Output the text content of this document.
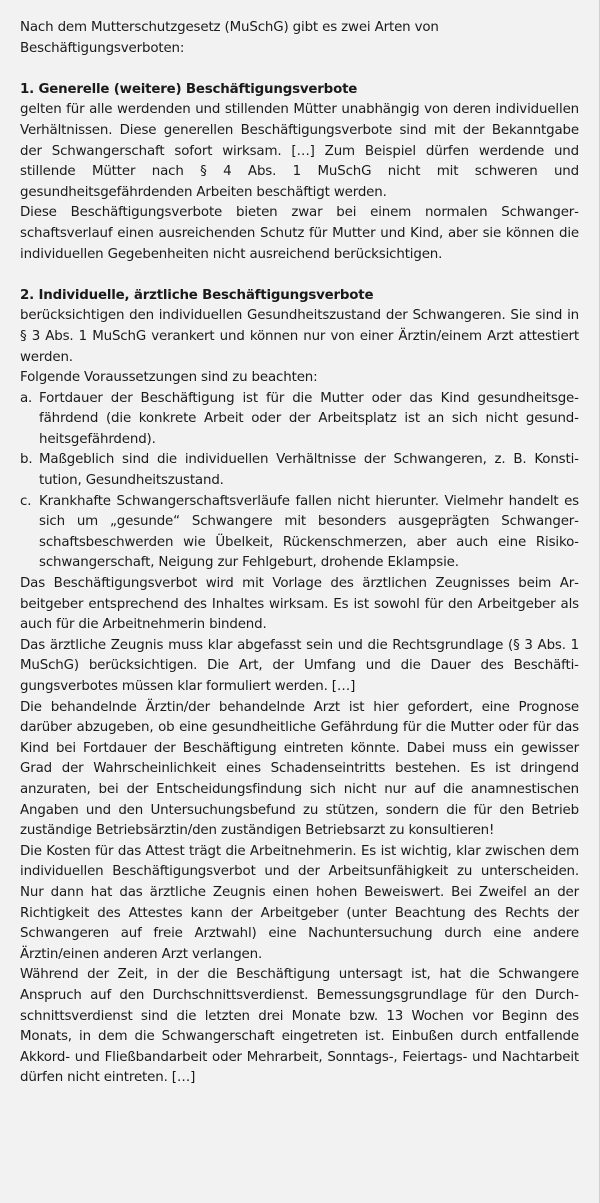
Nach dem Mutterschutzgesetz (MuSchG) gibt es zwei Arten von Beschäftigungsverboten:

1. Generelle (weitere) Beschäftigungsverbote

gelten für alle werdenden und stillenden Mütter unabhängig von deren individuellen Verhältnissen. Diese generellen Beschäftigungsverbote sind mit der Bekanntgabe der Schwangerschaft sofort wirksam. […] Zum Beispiel dürfen werdende und stillende Mütter nach § 4 Abs. 1 MuSchG nicht mit schweren und gesundheitsgefährdenden Arbeiten beschäftigt werden.

Diese Beschäftigungsverbote bieten zwar bei einem normalen Schwangerschaftsverlauf einen ausreichenden Schutz für Mutter und Kind, aber sie können die individuellen Gegebenheiten nicht ausreichend berücksichtigen.

2. Individuelle, ärztliche Beschäftigungsverbote

berücksichtigen den individuellen Gesundheitszustand der Schwangeren. Sie sind in § 3 Abs. 1 MuSchG verankert und können nur von einer Ärztin/einem Arzt attestiert werden.

Folgende Voraussetzungen sind zu beachten:

a. Fortdauer der Beschäftigung ist für die Mutter oder das Kind gesundheitsgefährdend (die konkrete Arbeit oder der Arbeitsplatz ist an sich nicht gesundheitsgefährdend).
b. Maßgeblich sind die individuellen Verhältnisse der Schwangeren, z. B. Konstitution, Gesundheitszustand.
c. Krankhafte Schwangerschaftsverläufe fallen nicht hierunter. Vielmehr handelt es sich um „gesunde“ Schwangere mit besonders ausgeprägten Schwangerschaftsbeschwerden wie Übelkeit, Rückenschmerzen, aber auch eine Risikoschwangerschaft, Neigung zur Fehlgeburt, drohende Eklampsie.

Das Beschäftigungsverbot wird mit Vorlage des ärztlichen Zeugnisses beim Arbeitgeber entsprechend des Inhaltes wirksam. Es ist sowohl für den Arbeitgeber als auch für die Arbeitnehmerin bindend.

Das ärztliche Zeugnis muss klar abgefasst sein und die Rechtsgrundlage (§ 3 Abs. 1 MuSchG) berücksichtigen. Die Art, der Umfang und die Dauer des Beschäftigungsverbotes müssen klar formuliert werden. […]

Die behandelnde Ärztin/der behandelnde Arzt ist hier gefordert, eine Prognose darüber abzugeben, ob eine gesundheitliche Gefährdung für die Mutter oder für das Kind bei Fortdauer der Beschäftigung eintreten könnte. Dabei muss ein gewisser Grad der Wahrscheinlichkeit eines Schadenseintritts bestehen. Es ist dringend anzuraten, bei der Entscheidungsfindung sich nicht nur auf die anamnestischen Angaben und den Untersuchungsbefund zu stützen, sondern die für den Betrieb zuständige Betriebsärztin/den zuständigen Betriebsarzt zu konsultieren!

Die Kosten für das Attest trägt die Arbeitnehmerin. Es ist wichtig, klar zwischen dem individuellen Beschäftigungsverbot und der Arbeitsunfähigkeit zu unterscheiden. Nur dann hat das ärztliche Zeugnis einen hohen Beweiswert. Bei Zweifel an der Richtigkeit des Attestes kann der Arbeitgeber (unter Beachtung des Rechts der Schwangeren auf freie Arztwahl) eine Nachuntersuchung durch eine andere Ärztin/einen anderen Arzt verlangen.

Während der Zeit, in der die Beschäftigung untersagt ist, hat die Schwangere Anspruch auf den Durchschnittsverdienst. Bemessungsgrundlage für den Durchschnittsverdienst sind die letzten drei Monate bzw. 13 Wochen vor Beginn des Monats, in dem die Schwangerschaft eingetreten ist. Einbußen durch entfallende Akkord- und Fließbandarbeit oder Mehrarbeit, Sonntags-, Feiertags- und Nachtarbeit dürfen nicht eintreten. […]
